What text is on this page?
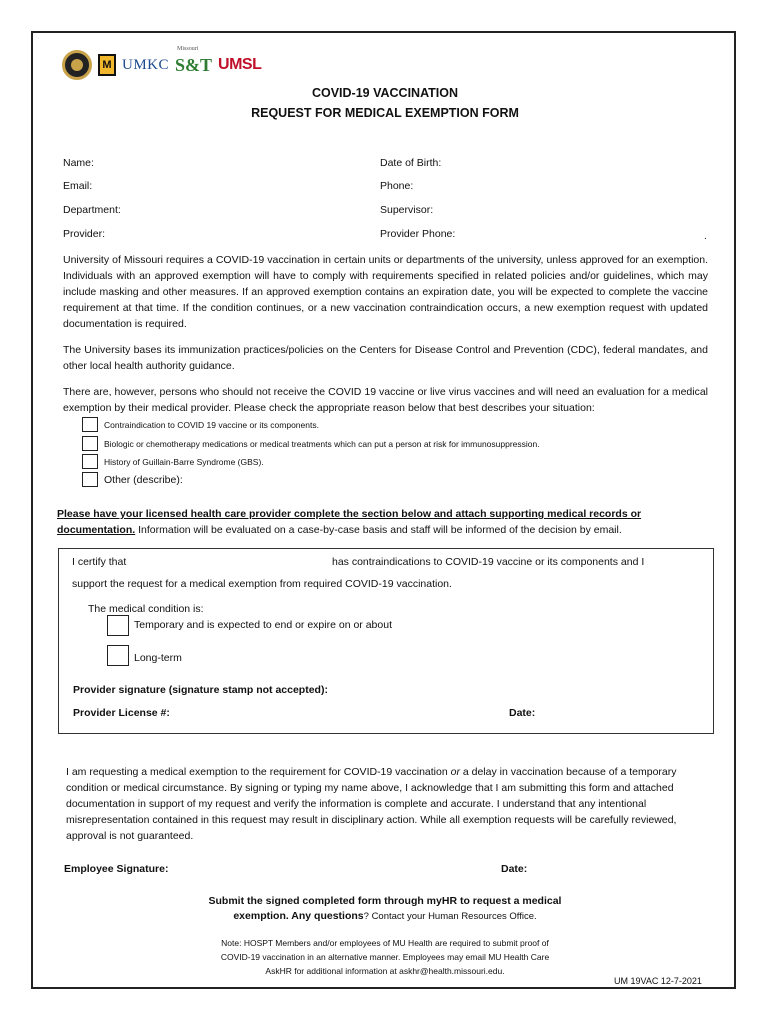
M UMKC
Missouri
S&T UMSL
COVID-19 VACCINATION
REQUEST FOR MEDICAL EXEMPTION FORM
Name:	Date of Birth:
Email:	Phone:
Department:	Supervisor:
Provider:	Provider Phone:	.

University of Missouri requires a COVID-19 vaccination in certain units or departments of the university, unless approved for an exemption. Individuals with an approved exemption will have to comply with requirements specified in related policies and/or guidelines, which may include masking and other measures. If an approved exemption contains an expiration date, you will be expected to complete the vaccine requirement at that time. If the condition continues, or a new vaccination contraindication occurs, a new exemption request with updated documentation is required.

The University bases its immunization practices/policies on the Centers for Disease Control and Prevention (CDC), federal mandates, and other local health authority guidance.

There are, however, persons who should not receive the COVID 19 vaccine or live virus vaccines and will need an evaluation for a medical exemption by their medical provider. Please check the appropriate reason below that best describes your situation:

Contraindication to COVID 19 vaccine or its components.
Biologic or chemotherapy medications or medical treatments which can put a person at risk for immunosuppression.
History of Guillain-Barre Syndrome (GBS).
Other (describe):

Please have your licensed health care provider complete the section below and attach supporting medical records or documentation. Information will be evaluated on a case-by-case basis and staff will be informed of the decision by email.

I certify that	has contraindications to COVID-19 vaccine or its components and I
support the request for a medical exemption from required COVID-19 vaccination.
The medical condition is:
Temporary and is expected to end or expire on or about
Long-term
Provider signature (signature stamp not accepted):
Provider License #:	Date:

I am requesting a medical exemption to the requirement for COVID-19 vaccination or a delay in vaccination because of a temporary condition or medical circumstance. By signing or typing my name above, I acknowledge that I am submitting this form and attached documentation in support of my request and verify the information is complete and accurate. I understand that any intentional misrepresentation contained in this request may result in disciplinary action. While all exemption requests will be carefully reviewed, approval is not guaranteed.

Employee Signature:	Date:
Submit the signed completed form through myHR to request a medical
exemption. Any questions? Contact your Human Resources Office.
Note: HOSPT Members and/or employees of MU Health are required to submit proof of
COVID-19 vaccination in an alternative manner. Employees may email MU Health Care
AskHR for additional information at askhr@health.missouri.edu.
UM 19VAC 12-7-2021
